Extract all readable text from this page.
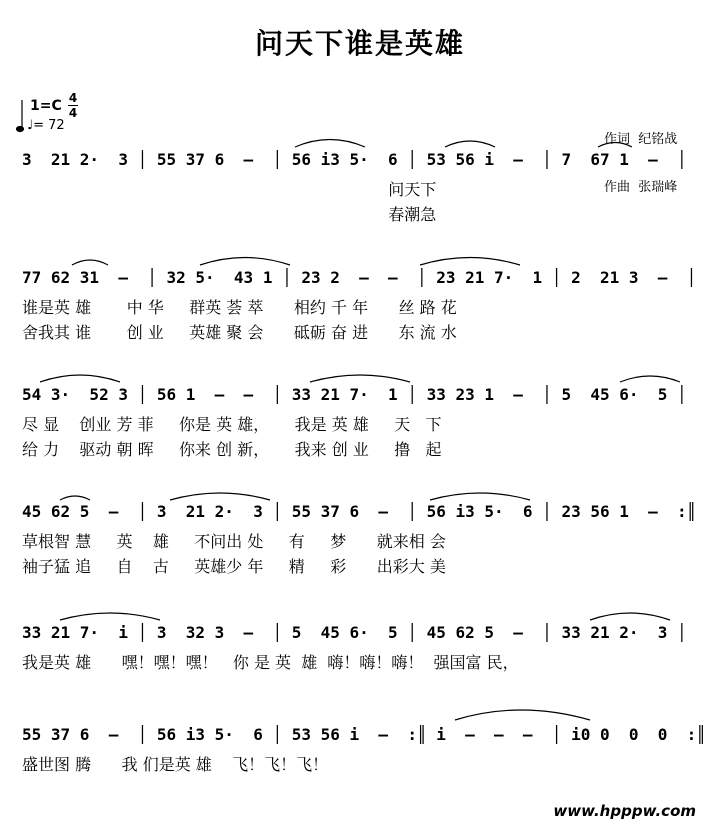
问天下谁是英雄
1=C 4
4
♩= 72

作词  纪铭战

作曲  张瑞峰

3  21 2·  3 │ 55 37 6  –  │ 56 i3 5·  6 │ 53 56 i  –  │ 7  67 1  –  │
问天下
春潮急
77 62 31  –  │ 32 5·  43 1 │ 23 2  –  –  │ 23 21 7·  1 │ 2  21 3  –  │
谁是英 雄       中 华     群英 荟 萃      相约 千 年      丝 路 花
舍我其 谁       创 业     英雄 聚 会      砥砺 奋 进      东 流 水
54 3·  52 3 │ 56 1  –  –  │ 33 21 7·  1 │ 33 23 1  –  │ 5  45 6·  5 │
尽 显    创业 芳 菲     你是 英 雄，     我是 英 雄     天   下
给 力    驱动 朝 晖     你来 创 新，     我来 创 业     撸   起
45 62 5  –  │ 3  21 2·  3 │ 55 37 6  –  │ 56 i3 5·  6 │ 23 56 1  –  :║
草根智 慧     英    雄     不问出 处     有     梦      就来相 会
袖子猛 追     自    古     英雄少 年     精     彩      出彩大 美
33 21 7·  i │ 3  32 3  –  │ 5  45 6·  5 │ 45 62 5  –  │ 33 21 2·  3 │
我是英 雄      嘿！嘿！嘿！   你 是 英  雄  嗨！嗨！嗨！  强国富 民，
55 37 6  –  │ 56 i3 5·  6 │ 53 56 i  –  :║ i  –  –  –  │ i0 0  0  0  :║
盛世图 腾      我 们是英 雄    飞！飞！飞！
www.hpppw.com
